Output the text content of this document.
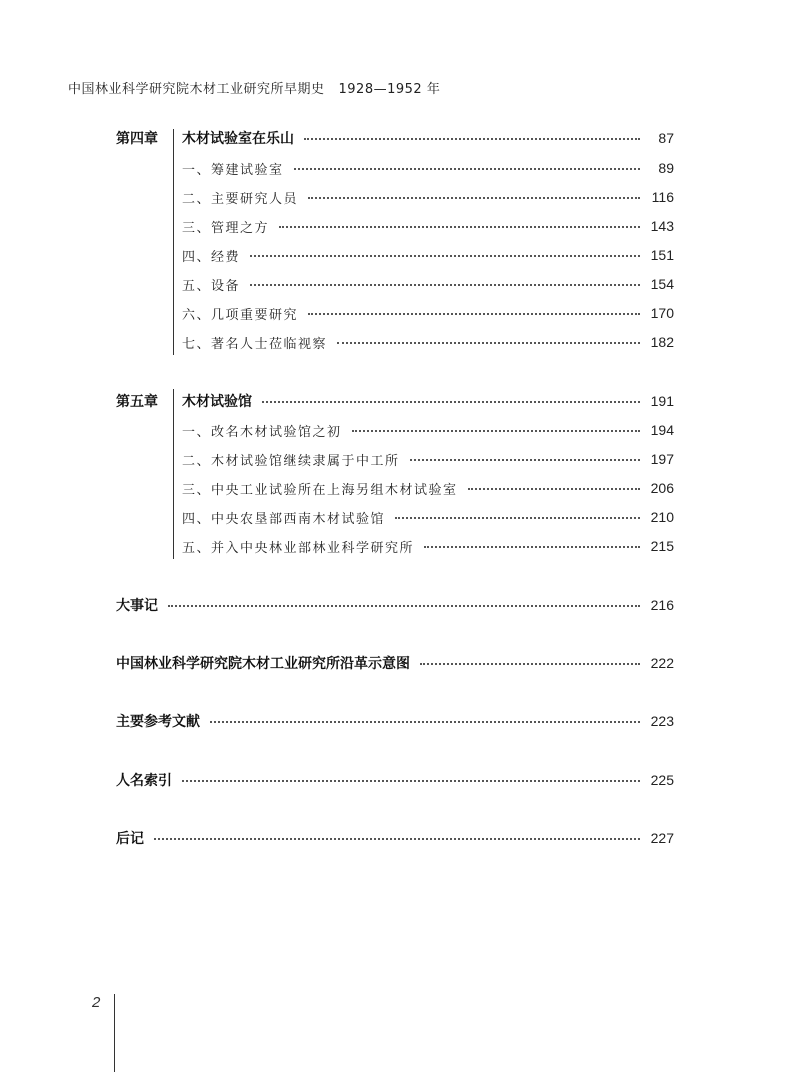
中国林业科学研究院木材工业研究所早期史 1928—1952 年
第四章	木材试验室在乐山	87
一、筹建试验室	89
二、主要研究人员	116
三、管理之方	143
四、经费	151
五、设备	154
六、几项重要研究	170
七、著名人士莅临视察	182
第五章	木材试验馆	191
一、改名木材试验馆之初	194
二、木材试验馆继续隶属于中工所	197
三、中央工业试验所在上海另组木材试验室	206
四、中央农垦部西南木材试验馆	210
五、并入中央林业部林业科学研究所	215
大事记	216
中国林业科学研究院木材工业研究所沿革示意图	222
主要参考文献	223
人名索引	225
后记	227
2
